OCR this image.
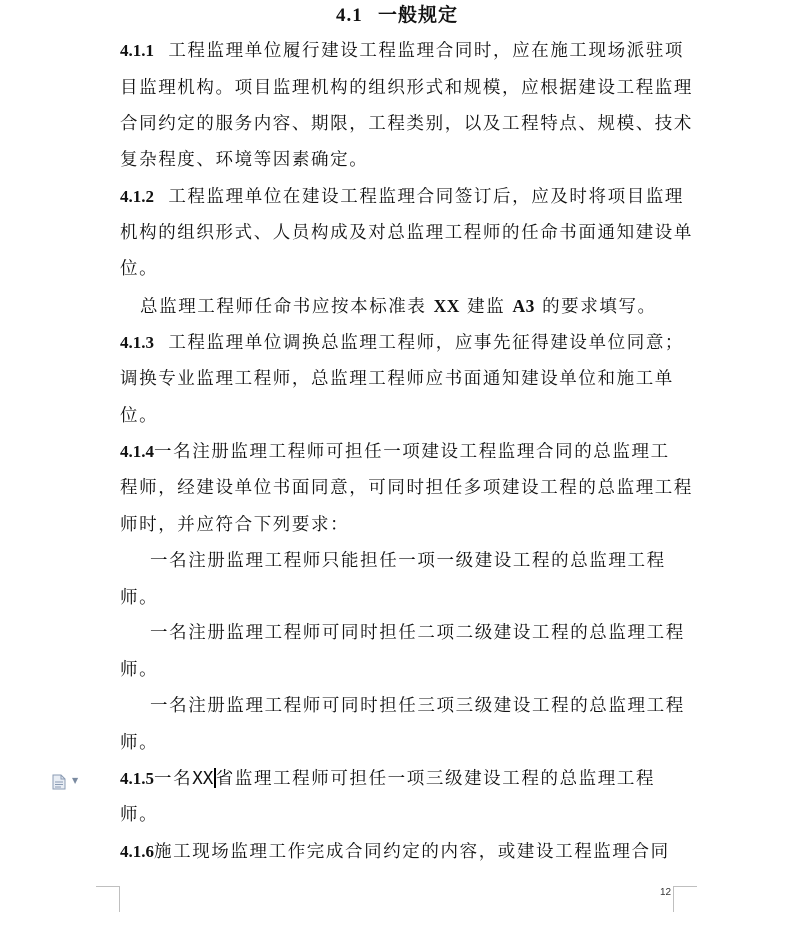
4.1 一般规定
4.1.1 工程监理单位履行建设工程监理合同时，应在施工现场派驻项
目监理机构。项目监理机构的组织形式和规模，应根据建设工程监理
合同约定的服务内容、期限，工程类别，以及工程特点、规模、技术
复杂程度、环境等因素确定。
4.1.2 工程监理单位在建设工程监理合同签订后，应及时将项目监理
机构的组织形式、人员构成及对总监理工程师的任命书面通知建设单
位。
总监理工程师任命书应按本标准表 XX 建监 A3 的要求填写。
4.1.3 工程监理单位调换总监理工程师，应事先征得建设单位同意；
调换专业监理工程师，总监理工程师应书面通知建设单位和施工单
位。
4.1.4一名注册监理工程师可担任一项建设工程监理合同的总监理工
程师，经建设单位书面同意，可同时担任多项建设工程的总监理工程
师时，并应符合下列要求：
一名注册监理工程师只能担任一项一级建设工程的总监理工程
师。
一名注册监理工程师可同时担任二项二级建设工程的总监理工程
师。
一名注册监理工程师可同时担任三项三级建设工程的总监理工程
师。
4.1.5一名XX 省监理工程师可担任一项三级建设工程的总监理工程
师。
4.1.6施工现场监理工作完成合同约定的内容，或建设工程监理合同
▼
12
